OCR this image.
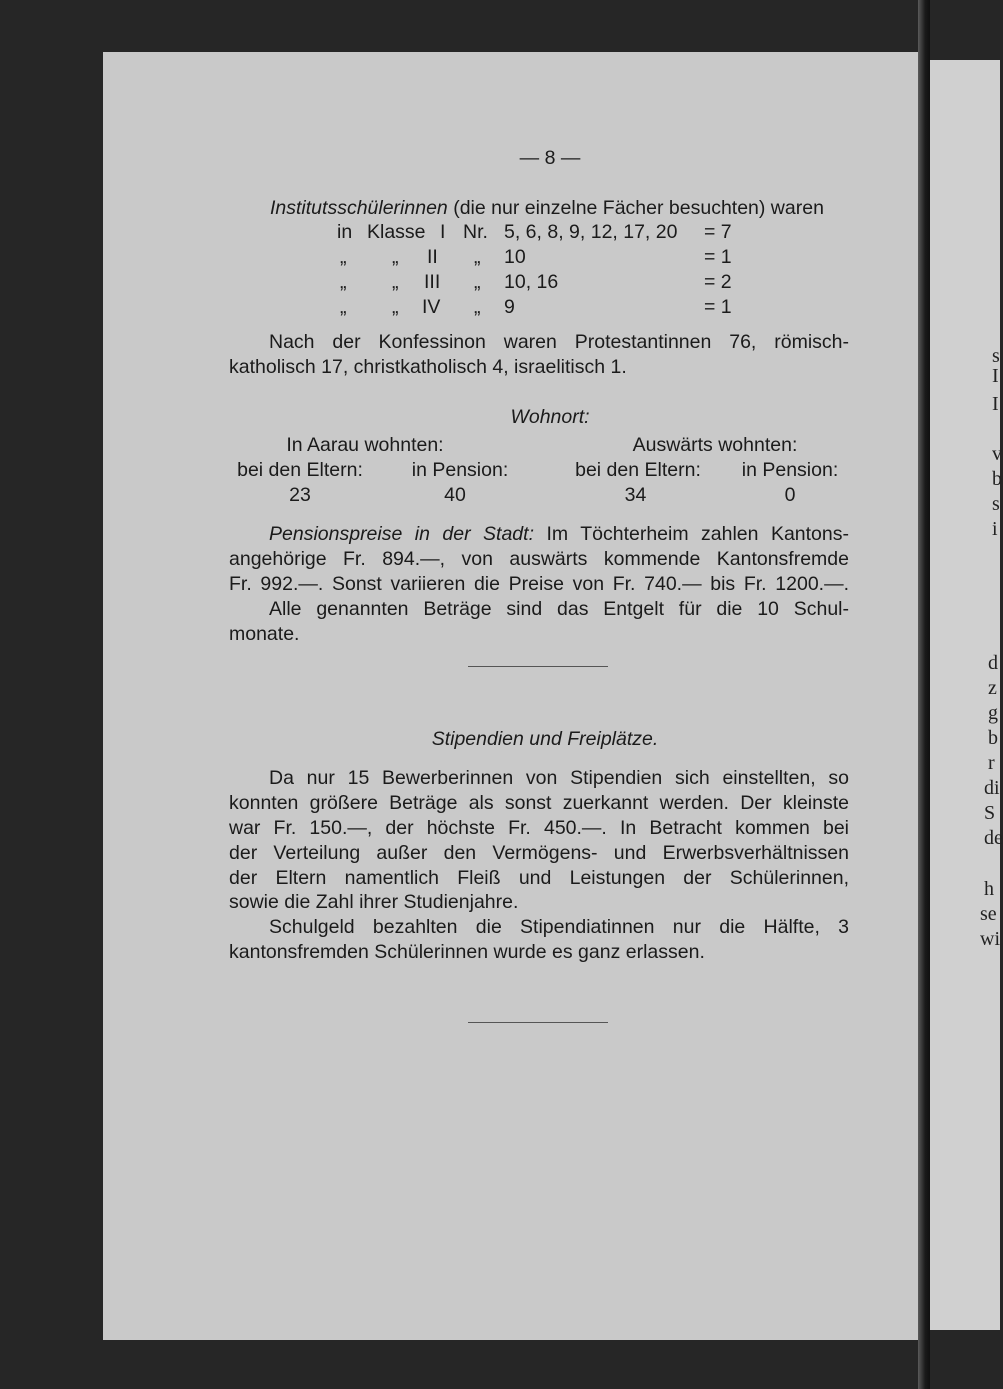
s
I
I
v
b
s
i
d
z
g
b
r
di
S
de
h
se
wi
— 8 —
Institutsschülerinnen (die nur einzelne Fächer besuchten) waren
in Klasse I Nr. 5, 6, 8, 9, 12, 17, 20 = 7
„ „ II „ 10	= 1
„ „ III „ 10, 16	= 2
„ „ IV „ 9	= 1
Nach der Konfessinon waren Protestantinnen 76, römisch-
katholisch 17, christkatholisch 4, israelitisch 1.
Wohnort:
In Aarau wohnten:	Auswärts wohnten:
bei den Eltern:	in Pension:	bei den Eltern:	in Pension:
23	40	34	0
Pensionspreise in der Stadt: Im Töchterheim zahlen Kantons-
angehörige Fr. 894.—, von auswärts kommende Kantonsfremde
Fr. 992.—. Sonst variieren die Preise von Fr. 740.— bis Fr. 1200.—.
Alle genannten Beträge sind das Entgelt für die 10 Schul-
monate.
Stipendien und Freiplätze.
Da nur 15 Bewerberinnen von Stipendien sich einstellten, so
konnten größere Beträge als sonst zuerkannt werden. Der kleinste
war Fr. 150.—, der höchste Fr. 450.—. In Betracht kommen bei
der Verteilung außer den Vermögens- und Erwerbsverhältnissen
der Eltern namentlich Fleiß und Leistungen der Schülerinnen,
sowie die Zahl ihrer Studienjahre.
Schulgeld bezahlten die Stipendiatinnen nur die Hälfte, 3
kantonsfremden Schülerinnen wurde es ganz erlassen.
